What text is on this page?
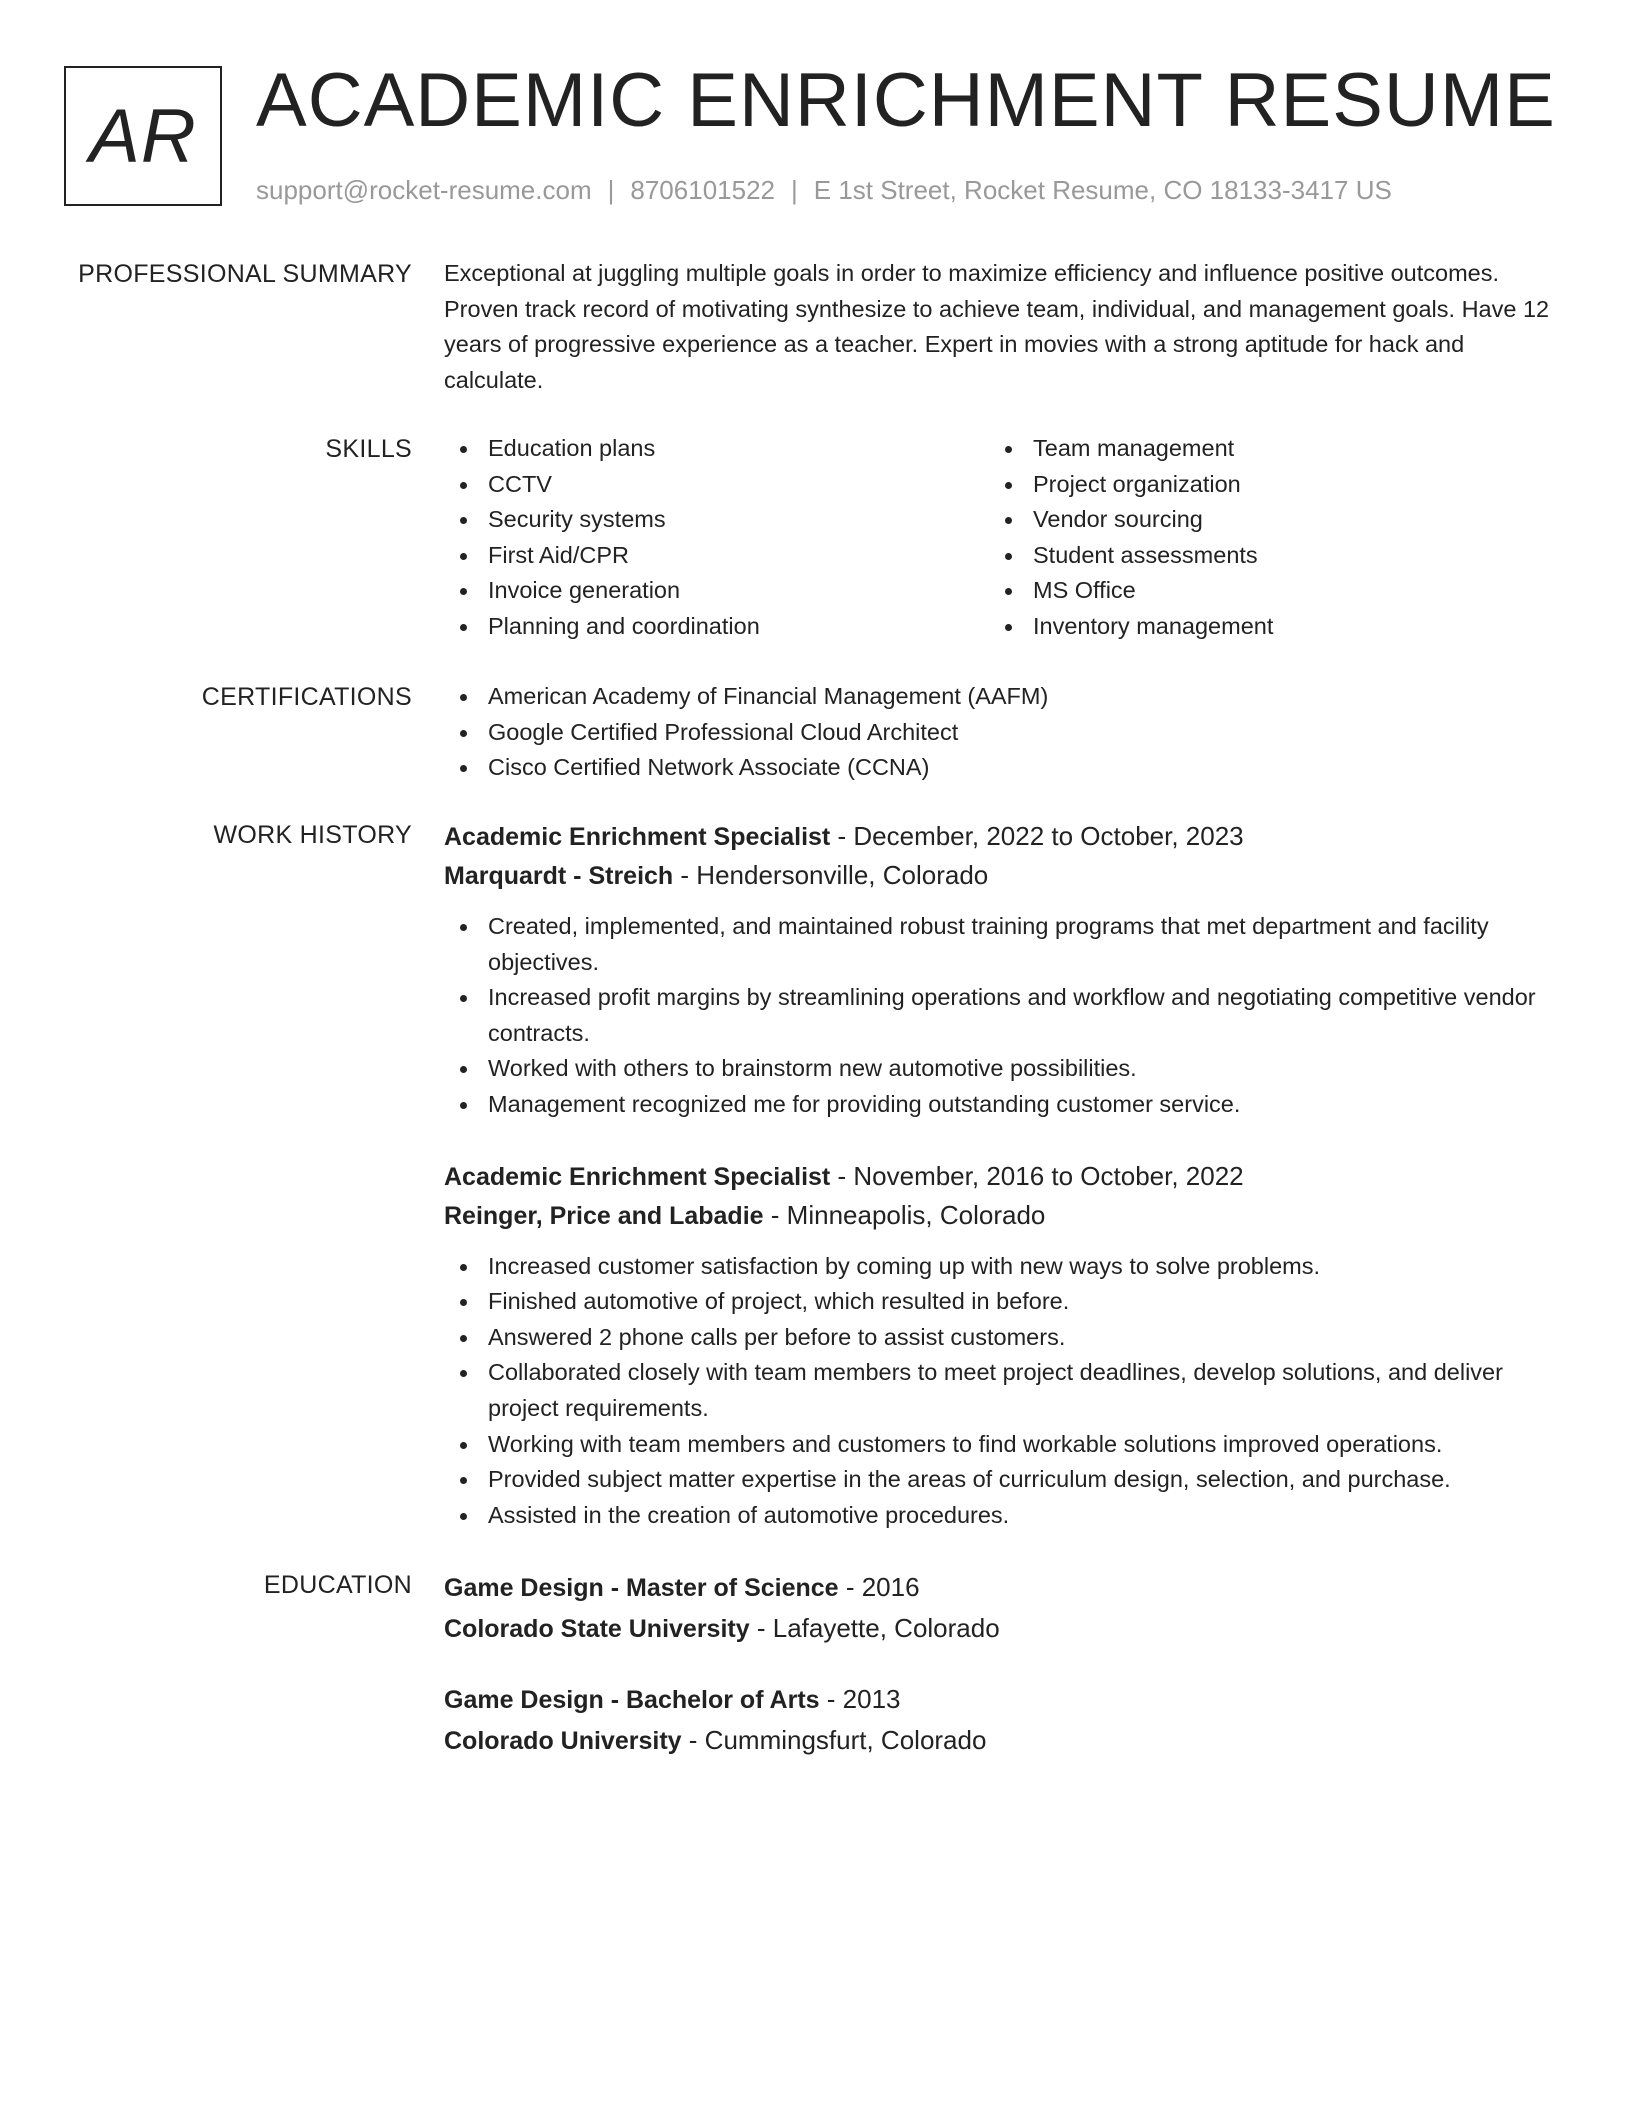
AR ACADEMIC ENRICHMENT RESUME
support@rocket-resume.com | 8706101522 | E 1st Street, Rocket Resume, CO 18133-3417 US
PROFESSIONAL SUMMARY Exceptional at juggling multiple goals in order to maximize efficiency and influence positive outcomes. Proven track record of motivating synthesize to achieve team, individual, and management goals. Have 12 years of progressive experience as a teacher. Expert in movies with a strong aptitude for hack and calculate.
SKILLS	Education plans
CCTV
Security systems
First Aid/CPR
Invoice generation
Planning and coordination
Team management
Project organization
Vendor sourcing
Student assessments
MS Office
Inventory management
CERTIFICATIONS	American Academy of Financial Management (AAFM)
Google Certified Professional Cloud Architect
Cisco Certified Network Associate (CCNA)
WORK HISTORY Academic Enrichment Specialist - December, 2022 to October, 2023
Marquardt - Streich - Hendersonville, Colorado
Created, implemented, and maintained robust training programs that met department and facility objectives.
Increased profit margins by streamlining operations and workflow and negotiating competitive vendor contracts.
Worked with others to brainstorm new automotive possibilities.
Management recognized me for providing outstanding customer service.
Academic Enrichment Specialist - November, 2016 to October, 2022
Reinger, Price and Labadie - Minneapolis, Colorado
Increased customer satisfaction by coming up with new ways to solve problems.
Finished automotive of project, which resulted in before.
Answered 2 phone calls per before to assist customers.
Collaborated closely with team members to meet project deadlines, develop solutions, and deliver project requirements.
Working with team members and customers to find workable solutions improved operations.
Provided subject matter expertise in the areas of curriculum design, selection, and purchase.
Assisted in the creation of automotive procedures.
EDUCATION Game Design - Master of Science - 2016
Colorado State University - Lafayette, Colorado
Game Design - Bachelor of Arts - 2013
Colorado University - Cummingsfurt, Colorado
